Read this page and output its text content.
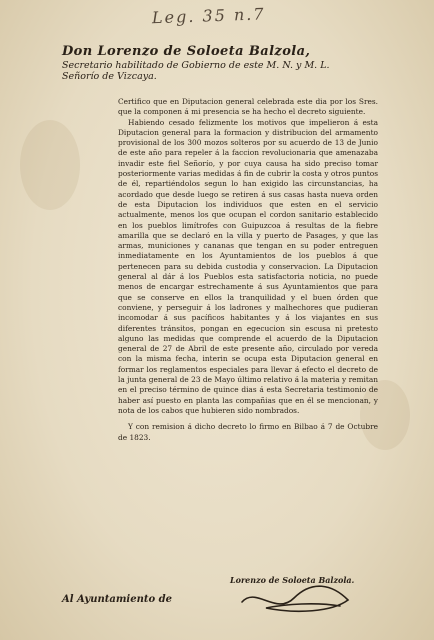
Leg. 35 n.7
Don Lorenzo de Soloeta Balzola,
Secretario habilitado de Gobierno de este M. N. y M. L.
Señorío de Vizcaya.

Certifico que en Diputacion general celebrada este dia por los Sres. que la componen á mi presencia se ha hecho el decreto siguiente.

Habiendo cesado felizmente los motivos que impelieron á esta Diputacion general para la formacion y distribucion del armamento provisional de los 300 mozos solteros por su acuerdo de 13 de Junio de este año para repeler á la faccion revolucionaria que amenazaba invadir este fiel Señorío, y por cuya causa ha sido preciso tomar posteriormente varias medidas á fin de cubrir la costa y otros puntos de él, repartiéndolos segun lo han exigido las circunstancias, ha acordado que desde luego se retiren á sus casas hasta nueva orden de esta Diputacion los individuos que esten en el servicio actualmente, menos los que ocupan el cordon sanitario establecido en los pueblos limítrofes con Guipuzcoa á resultas de la fiebre amarilla que se declaró en la villa y puerto de Pasages, y que las armas, municiones y cananas que tengan en su poder entreguen inmediatamente en los Ayuntamientos de los pueblos á que pertenecen para su debida custodia y conservacion. La Diputacion general al dár á los Pueblos esta satisfactoria noticia, no puede menos de encargar estrechamente á sus Ayuntamientos que para que se conserve en ellos la tranquilidad y el buen órden que conviene, y perseguir á los ladrones y malhechores que pudieran incomodar á sus pacíficos habitantes y á los viajantes en sus diferentes tránsitos, pongan en egecucion sin escusa ni pretesto alguno las medidas que comprende el acuerdo de la Diputacion general de 27 de Abril de este presente año, circulado por vereda con la misma fecha, interin se ocupa esta Diputacion general en formar los reglamentos especiales para llevar á efecto el decreto de la junta general de 23 de Mayo último relativo á la materia y remitan en el preciso término de quince dias á esta Secretaria testimonio de haber así puesto en planta las compañias que en él se mencionan, y nota de los cabos que hubieren sido nombrados.

Y con remision á dicho decreto lo firmo en Bilbao á 7 de Octubre de 1823.

Lorenzo de Soloeta Balzola.
Al Ayuntamiento de
